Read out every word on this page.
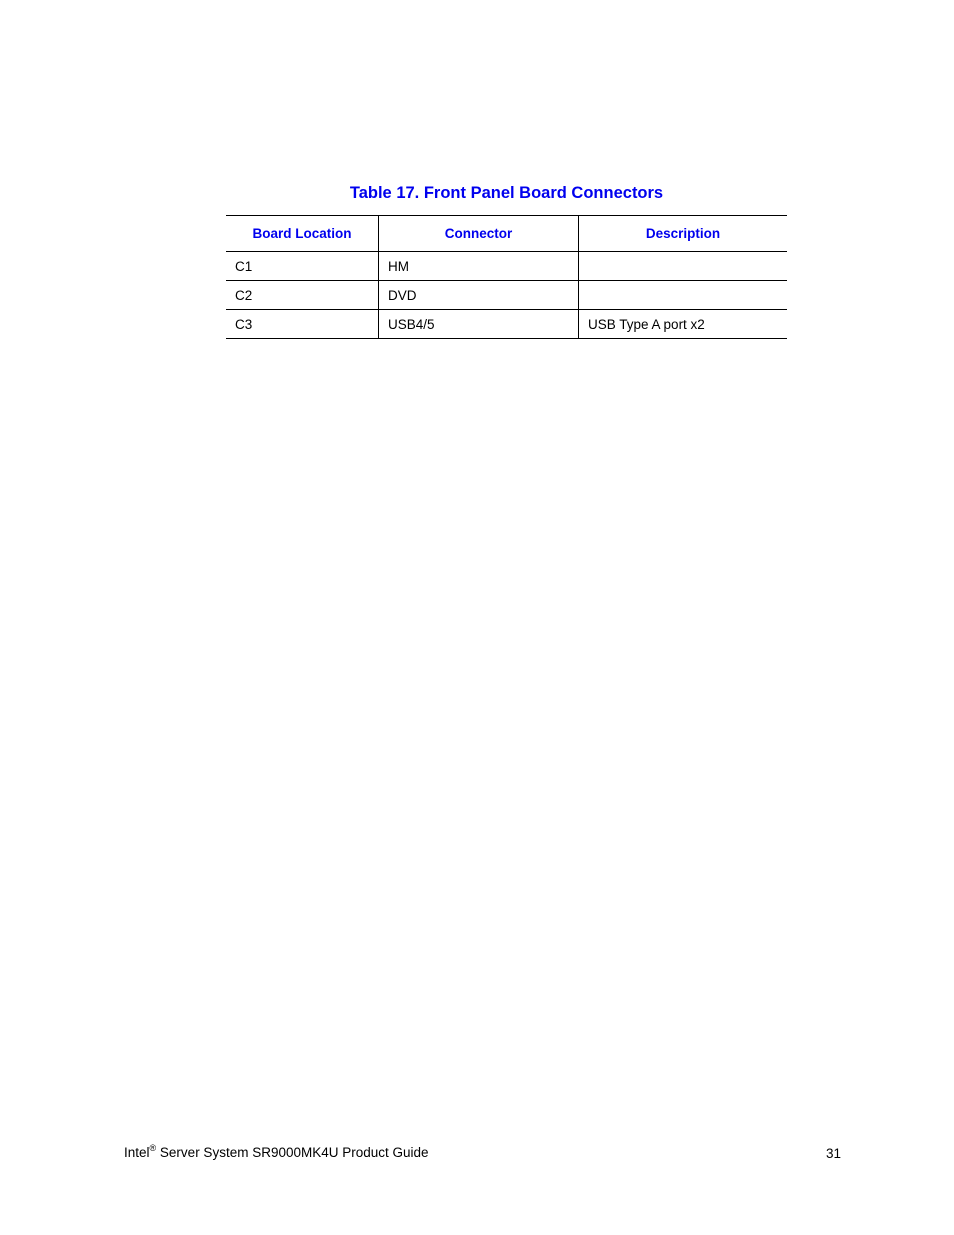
Table 17. Front Panel Board Connectors
Board Location	Connector	Description
C1	HM	
C2	DVD	
C3	USB4/5	USB Type A port x2
Intel® Server System SR9000MK4U Product Guide	31
